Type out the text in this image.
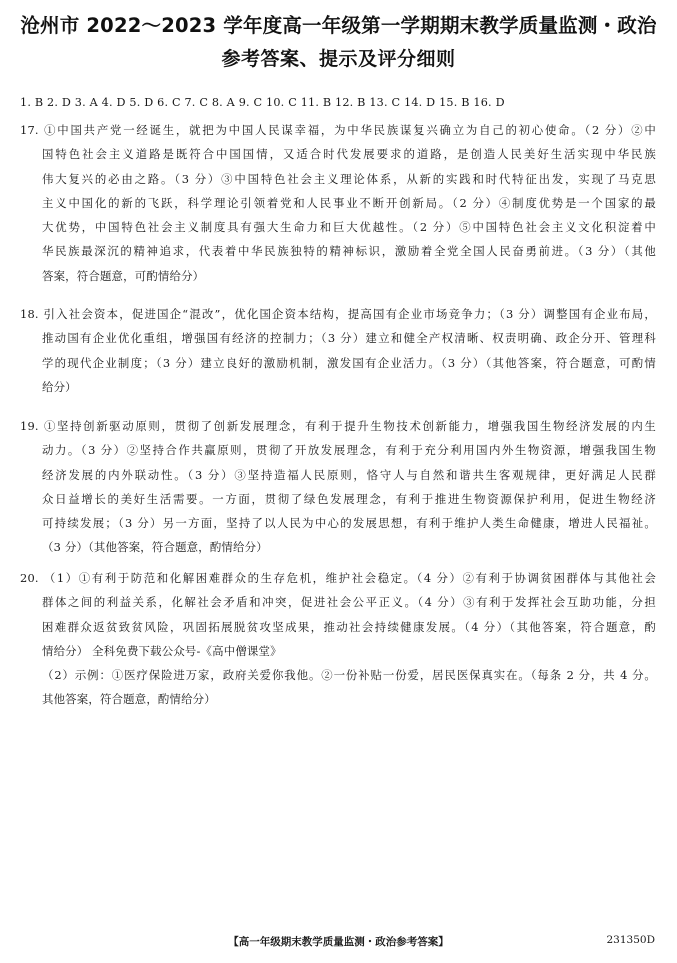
沧州市 2022～2023 学年度高一年级第一学期期末教学质量监测・政治
参考答案、提示及评分细则
1. B 2. D 3. A 4. D 5. D 6. C 7. C 8. A 9. C 10. C 11. B 12. B 13. C 14. D 15. B 16. D

17. ①中国共产党一经诞生，就把为中国人民谋幸福，为中华民族谋复兴确立为自己的初心使命。（2 分）②中

国特色社会主义道路是既符合中国国情，又适合时代发展要求的道路，是创造人民美好生活实现中华民族

伟大复兴的必由之路。（3 分）③中国特色社会主义理论体系，从新的实践和时代特征出发，实现了马克思

主义中国化的新的飞跃，科学理论引领着党和人民事业不断开创新局。（2 分）④制度优势是一个国家的最

大优势，中国特色社会主义制度具有强大生命力和巨大优越性。（2 分）⑤中国特色社会主义文化积淀着中

华民族最深沉的精神追求，代表着中华民族独特的精神标识，激励着全党全国人民奋勇前进。（3 分）（其他

答案，符合题意，可酌情给分）

18. 引入社会资本，促进国企“混改”，优化国企资本结构，提高国有企业市场竞争力；（3 分）调整国有企业布局，

推动国有企业优化重组，增强国有经济的控制力；（3 分）建立和健全产权清晰、权责明确、政企分开、管理科

学的现代企业制度；（3 分）建立良好的激励机制，激发国有企业活力。（3 分）（其他答案，符合题意，可酌情

给分）

19. ①坚持创新驱动原则，贯彻了创新发展理念，有利于提升生物技术创新能力，增强我国生物经济发展的内生

动力。（3 分）②坚持合作共赢原则，贯彻了开放发展理念，有利于充分利用国内外生物资源，增强我国生物

经济发展的内外联动性。（3 分）③坚持造福人民原则，恪守人与自然和谐共生客观规律，更好满足人民群

众日益增长的美好生活需要。一方面，贯彻了绿色发展理念，有利于推进生物资源保护利用，促进生物经济

可持续发展；（3 分）另一方面，坚持了以人民为中心的发展思想，有利于维护人类生命健康，增进人民福祉。

（3 分）（其他答案，符合题意，酌情给分）

20. （1）①有利于防范和化解困难群众的生存危机，维护社会稳定。（4 分）②有利于协调贫困群体与其他社会

群体之间的利益关系，化解社会矛盾和冲突，促进社会公平正义。（4 分）③有利于发挥社会互助功能，分担

困难群众返贫致贫风险，巩固拓展脱贫攻坚成果，推动社会持续健康发展。（4 分）（其他答案，符合题意，酌

情给分） 全科免费下载公众号-《高中僧课堂》

（2）示例：①医疗保险进万家，政府关爱你我他。②一份补贴一份爱，居民医保真实在。（每条 2 分，共 4 分。

其他答案，符合题意，酌情给分）

【高一年级期末教学质量监测・政治参考答案】	231350D
